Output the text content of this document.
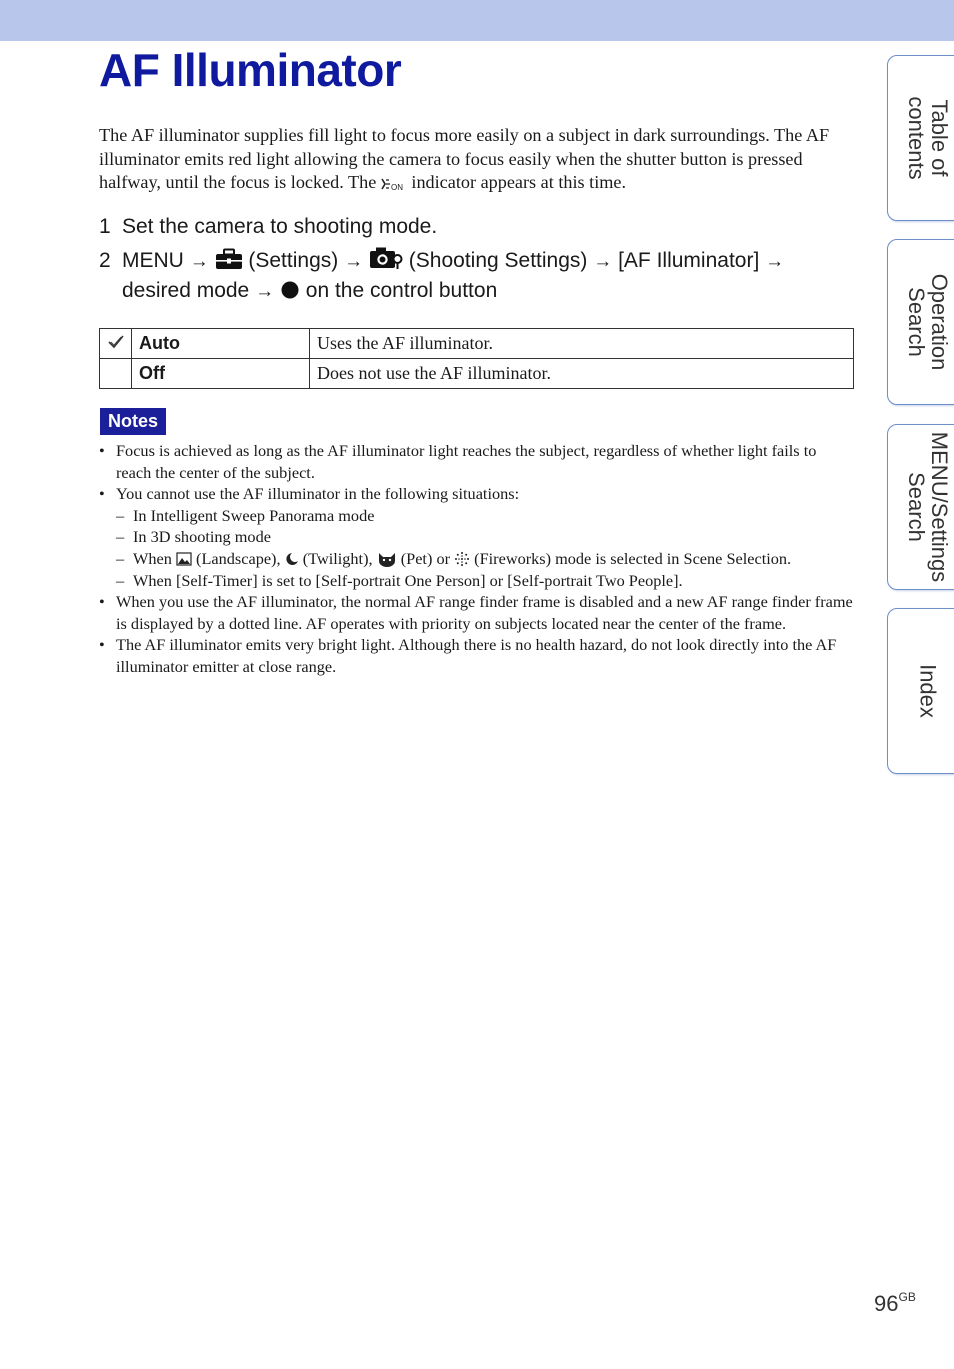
AF Illuminator

The AF illuminator supplies fill light to focus more easily on a subject in dark surroundings. The AF illuminator emits red light allowing the camera to focus easily when the shutter button is pressed halfway, until the focus is locked. The ON indicator appears at this time.

1 Set the camera to shooting mode.
2 MENU → (Settings) → (Shooting Settings) → [AF Illuminator] →
desired mode → on the control button
	Auto	Uses the AF illuminator.
	Off	Does not use the AF illuminator.
Notes
• Focus is achieved as long as the AF illuminator light reaches the subject, regardless of whether light fails to reach the center of the subject.
• You cannot use the AF illuminator in the following situations:
– In Intelligent Sweep Panorama mode
– In 3D shooting mode
– When (Landscape), (Twilight), (Pet) or (Fireworks) mode is selected in Scene Selection.
– When [Self-Timer] is set to [Self-portrait One Person] or [Self-portrait Two People].
• When you use the AF illuminator, the normal AF range finder frame is disabled and a new AF range finder frame is displayed by a dotted line. AF operates with priority on subjects located near the center of the frame.
• The AF illuminator emits very bright light. Although there is no health hazard, do not look directly into the AF illuminator emitter at close range.
Table of
contents
Operation
Search
MENU/Settings
Search
Index
$96^{GB}$
